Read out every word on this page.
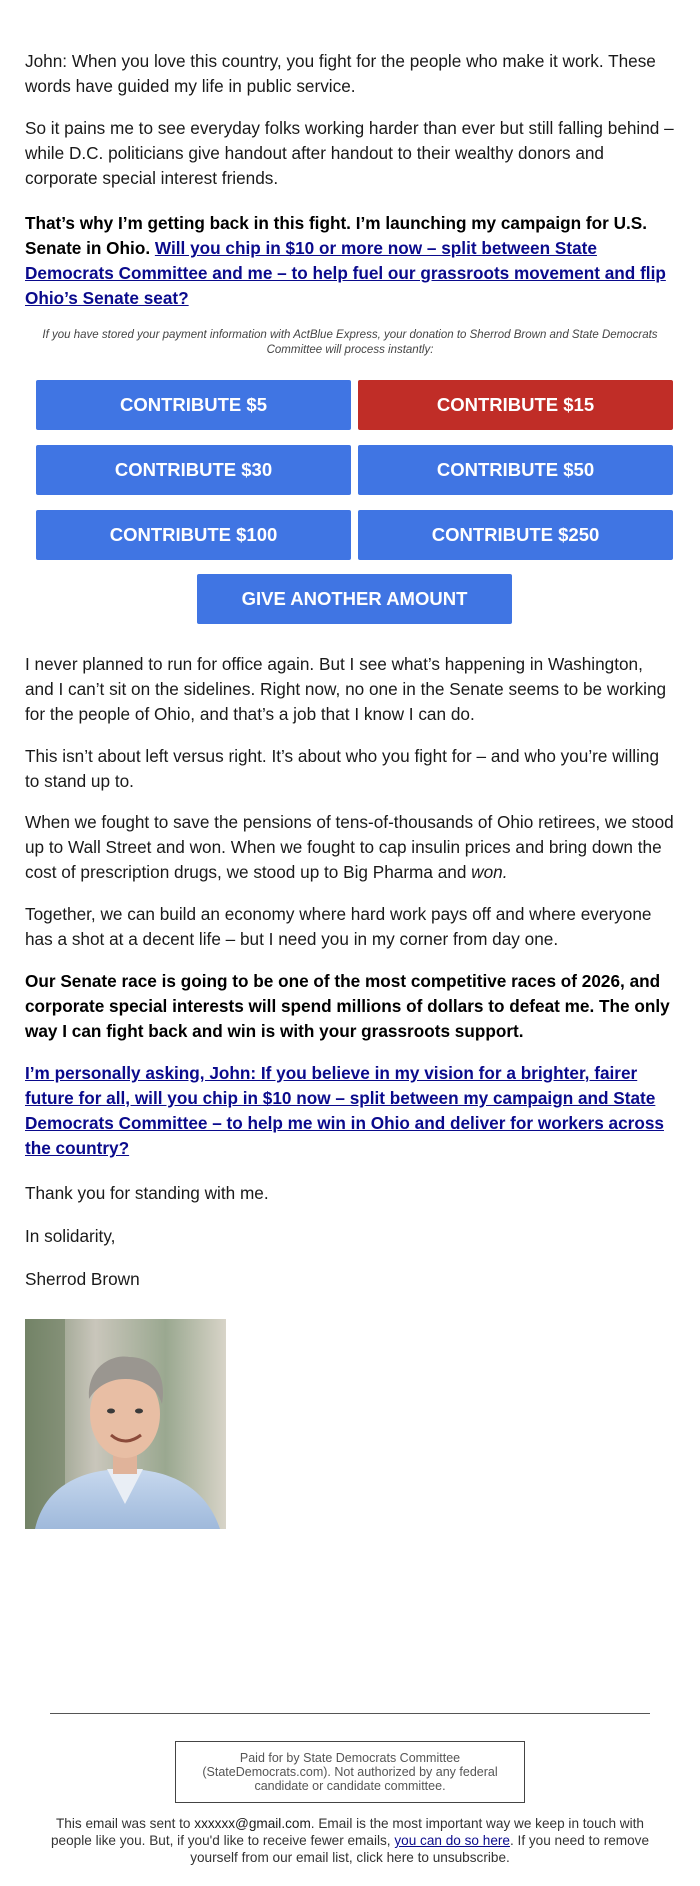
John: When you love this country, you fight for the people who make it work. These words have guided my life in public service.

So it pains me to see everyday folks working harder than ever but still falling behind – while D.C. politicians give handout after handout to their wealthy donors and corporate special interest friends.

That’s why I’m getting back in this fight. I’m launching my campaign for U.S. Senate in Ohio. Will you chip in $10 or more now – split between State Democrats Committee and me – to help fuel our grassroots movement and flip Ohio’s Senate seat?

I never planned to run for office again. But I see what’s happening in Washington, and I can’t sit on the sidelines. Right now, no one in the Senate seems to be working for the people of Ohio, and that’s a job that I know I can do.

This isn’t about left versus right. It’s about who you fight for – and who you’re willing to stand up to.

When we fought to save the pensions of tens-of-thousands of Ohio retirees, we stood up to Wall Street and won. When we fought to cap insulin prices and bring down the cost of prescription drugs, we stood up to Big Pharma and won.

Together, we can build an economy where hard work pays off and where everyone has a shot at a decent life – but I need you in my corner from day one.

Our Senate race is going to be one of the most competitive races of 2026, and corporate special interests will spend millions of dollars to defeat me. The only way I can fight back and win is with your grassroots support.

I’m personally asking, John: If you believe in my vision for a brighter, fairer future for all, will you chip in $10 now – split between my campaign and State Democrats Committee – to help me win in Ohio and deliver for workers across the country?

Thank you for standing with me.

In solidarity,

Sherrod Brown

If you have stored your payment information with ActBlue Express, your donation to Sherrod Brown and State Democrats Committee will process instantly:
CONTRIBUTE $5	CONTRIBUTE $15
CONTRIBUTE $30	CONTRIBUTE $50
CONTRIBUTE $100	CONTRIBUTE $250
GIVE ANOTHER AMOUNT
Paid for by State Democrats Committee (StateDemocrats.com). Not authorized by any federal candidate or candidate committee.
This email was sent to xxxxxx@gmail.com. Email is the most important way we keep in touch with people like you. But, if you'd like to receive fewer emails, you can do so here. If you need to remove yourself from our email list, click here to unsubscribe.
